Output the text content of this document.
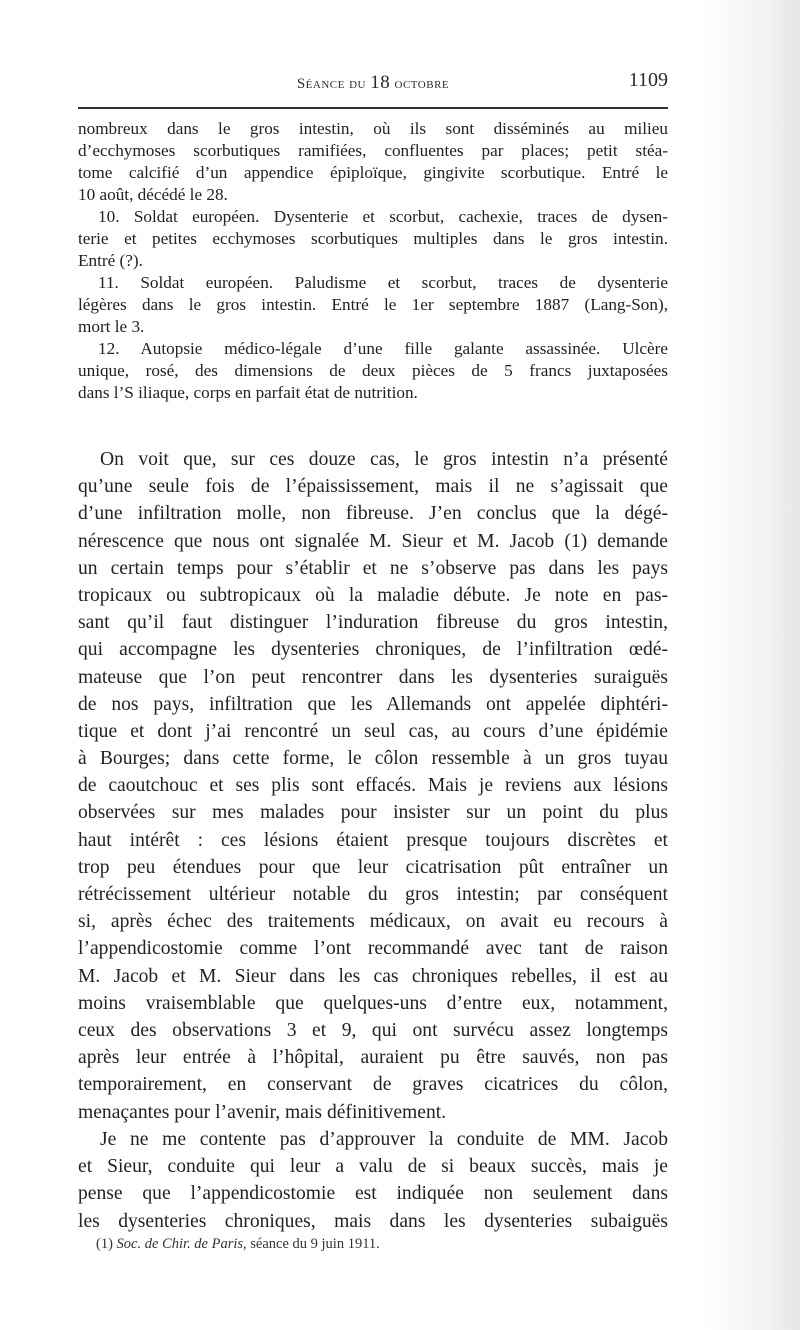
Séance du 18 octobre	1109
nombreux dans le gros intestin, où ils sont disséminés au milieu
d’ecchymoses scorbutiques ramifiées, confluentes par places; petit stéa-
tome calcifié d’un appendice épiploïque, gingivite scorbutique. Entré le
10 août, décédé le 28.
10. Soldat européen. Dysenterie et scorbut, cachexie, traces de dysen-
terie et petites ecchymoses scorbutiques multiples dans le gros intestin.
Entré (?).
11. Soldat européen. Paludisme et scorbut, traces de dysenterie
légères dans le gros intestin. Entré le 1er septembre 1887 (Lang-Son),
mort le 3.
12. Autopsie médico-légale d’une fille galante assassinée. Ulcère
unique, rosé, des dimensions de deux pièces de 5 francs juxtaposées
dans l’S iliaque, corps en parfait état de nutrition.
On voit que, sur ces douze cas, le gros intestin n’a présenté
qu’une seule fois de l’épaississement, mais il ne s’agissait que
d’une infiltration molle, non fibreuse. J’en conclus que la dégé-
nérescence que nous ont signalée M. Sieur et M. Jacob (1) demande
un certain temps pour s’établir et ne s’observe pas dans les pays
tropicaux ou subtropicaux où la maladie débute. Je note en pas-
sant qu’il faut distinguer l’induration fibreuse du gros intestin,
qui accompagne les dysenteries chroniques, de l’infiltration œdé-
mateuse que l’on peut rencontrer dans les dysenteries suraiguës
de nos pays, infiltration que les Allemands ont appelée diphtéri-
tique et dont j’ai rencontré un seul cas, au cours d’une épidémie
à Bourges; dans cette forme, le côlon ressemble à un gros tuyau
de caoutchouc et ses plis sont effacés. Mais je reviens aux lésions
observées sur mes malades pour insister sur un point du plus
haut intérêt : ces lésions étaient presque toujours discrètes et
trop peu étendues pour que leur cicatrisation pût entraîner un
rétrécissement ultérieur notable du gros intestin; par conséquent
si, après échec des traitements médicaux, on avait eu recours à
l’appendicostomie comme l’ont recommandé avec tant de raison
M. Jacob et M. Sieur dans les cas chroniques rebelles, il est au
moins vraisemblable que quelques-uns d’entre eux, notamment,
ceux des observations 3 et 9, qui ont survécu assez longtemps
après leur entrée à l’hôpital, auraient pu être sauvés, non pas
temporairement, en conservant de graves cicatrices du côlon,
menaçantes pour l’avenir, mais définitivement.
Je ne me contente pas d’approuver la conduite de MM. Jacob
et Sieur, conduite qui leur a valu de si beaux succès, mais je
pense que l’appendicostomie est indiquée non seulement dans
les dysenteries chroniques, mais dans les dysenteries subaiguës
(1) Soc. de Chir. de Paris, séance du 9 juin 1911.
